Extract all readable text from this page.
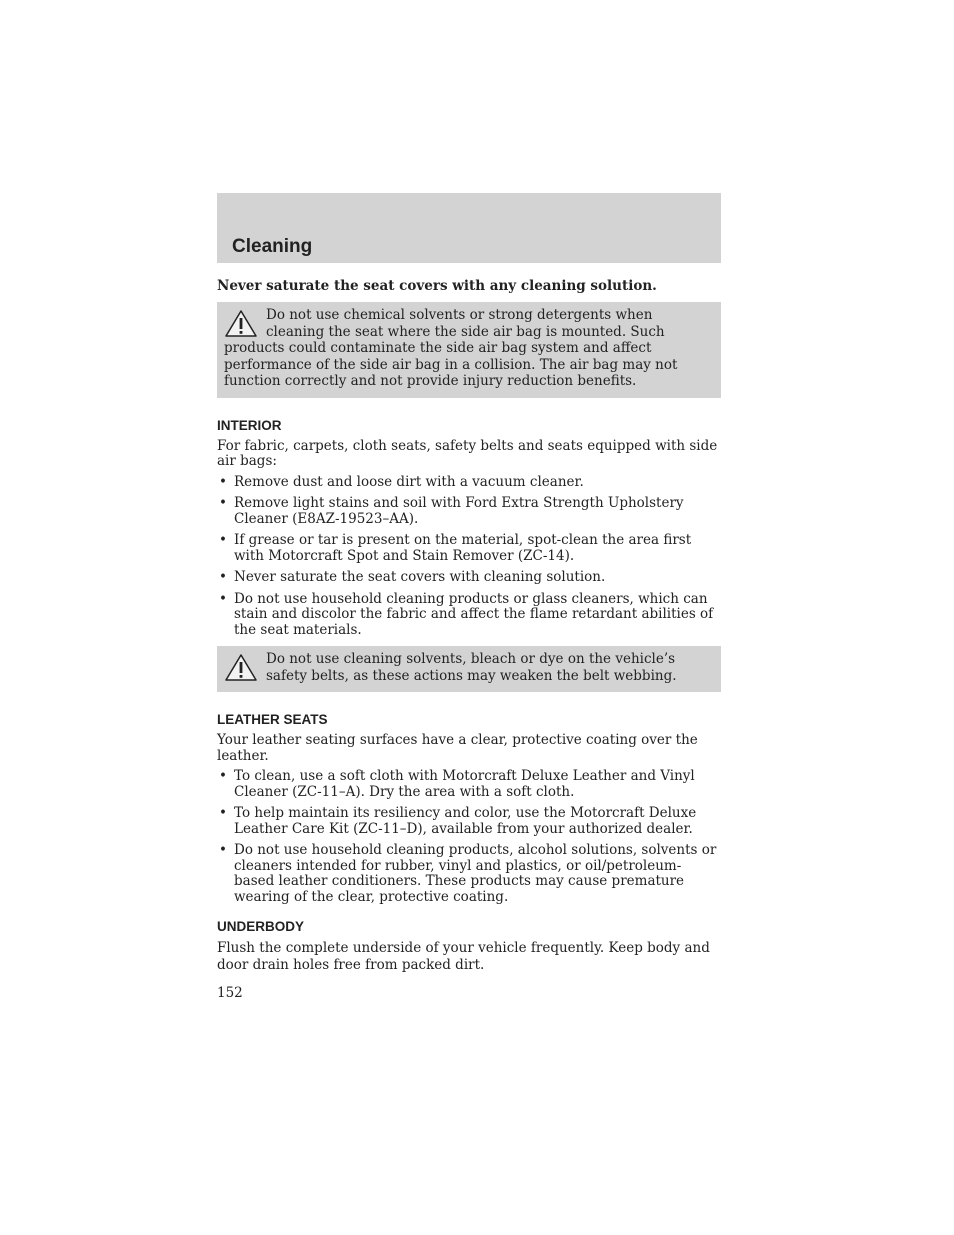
Cleaning
Never saturate the seat covers with any cleaning solution.
Do not use chemical solvents or strong detergents when cleaning the seat where the side air bag is mounted. Such products could contaminate the side air bag system and affect performance of the side air bag in a collision. The air bag may not function correctly and not provide injury reduction benefits.
INTERIOR

For fabric, carpets, cloth seats, safety belts and seats equipped with side air bags:

• Remove dust and loose dirt with a vacuum cleaner.
• Remove light stains and soil with Ford Extra Strength Upholstery Cleaner (E8AZ-19523–AA).
• If grease or tar is present on the material, spot-clean the area first with Motorcraft Spot and Stain Remover (ZC-14).
• Never saturate the seat covers with cleaning solution.
• Do not use household cleaning products or glass cleaners, which can stain and discolor the fabric and affect the flame retardant abilities of the seat materials.
Do not use cleaning solvents, bleach or dye on the vehicle’s safety belts, as these actions may weaken the belt webbing.
LEATHER SEATS

Your leather seating surfaces have a clear, protective coating over the leather.

• To clean, use a soft cloth with Motorcraft Deluxe Leather and Vinyl Cleaner (ZC-11–A). Dry the area with a soft cloth.
• To help maintain its resiliency and color, use the Motorcraft Deluxe Leather Care Kit (ZC-11–D), available from your authorized dealer.
• Do not use household cleaning products, alcohol solutions, solvents or cleaners intended for rubber, vinyl and plastics, or oil/petroleum-based leather conditioners. These products may cause premature wearing of the clear, protective coating.
UNDERBODY

Flush the complete underside of your vehicle frequently. Keep body and door drain holes free from packed dirt.

152
